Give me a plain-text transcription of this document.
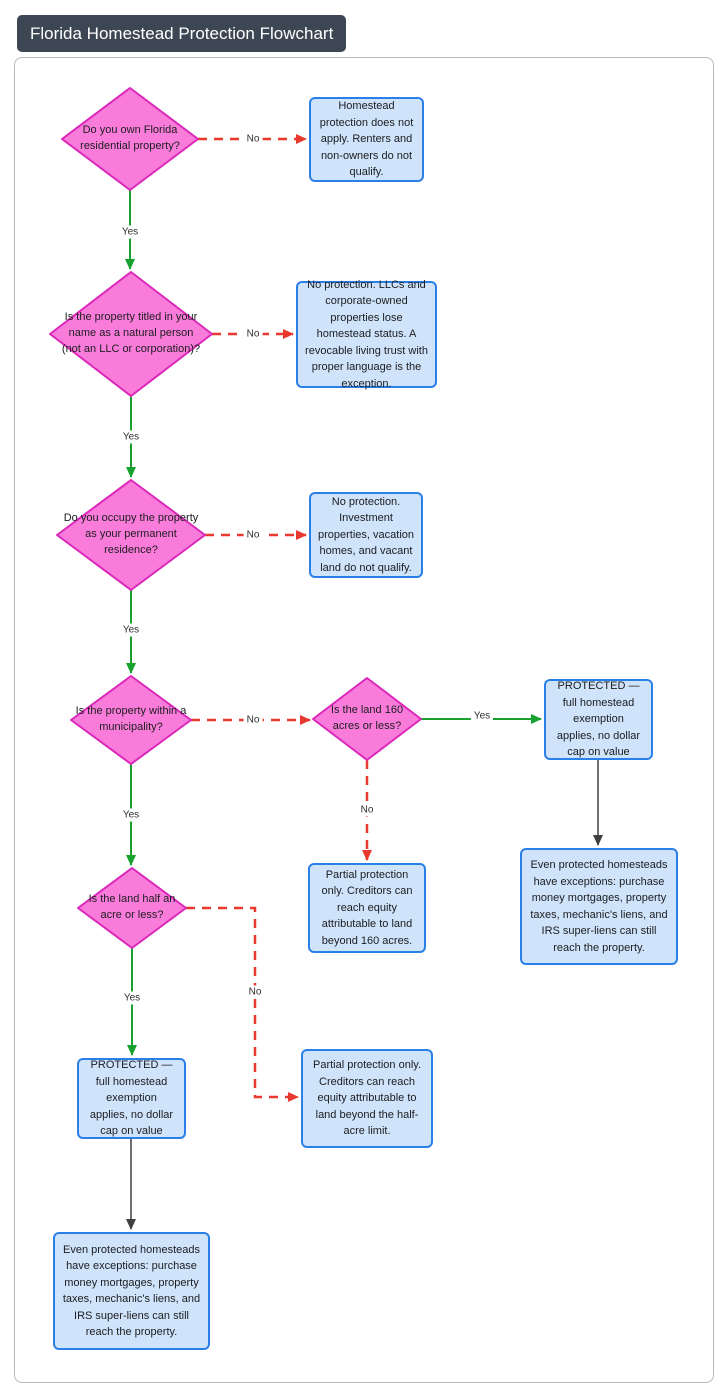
Florida Homestead Protection Flowchart
Do you own Florida residential property?
Is the property titled in your name as a natural person (not an LLC or corporation)?
Do you occupy the property as your permanent residence?
Is the property within a municipality?
Is the land 160 acres or less?
Is the land half an acre or less?
Homestead protection does not apply. Renters and non-owners do not qualify.
No protection. LLCs and corporate-owned properties lose homestead status. A revocable living trust with proper language is the exception.
No protection. Investment properties, vacation homes, and vacant land do not qualify.
PROTECTED — full homestead exemption applies, no dollar cap on value
Even protected homesteads have exceptions: purchase money mortgages, property taxes, mechanic's liens, and IRS super-liens can still reach the property.
Partial protection only. Creditors can reach equity attributable to land beyond 160 acres.
PROTECTED — full homestead exemption applies, no dollar cap on value
Partial protection only. Creditors can reach equity attributable to land beyond the half-acre limit.
Even protected homesteads have exceptions: purchase money mortgages, property taxes, mechanic's liens, and IRS super-liens can still reach the property.
No
Yes
No
Yes
No
Yes
No
Yes
Yes
No
Yes
No
